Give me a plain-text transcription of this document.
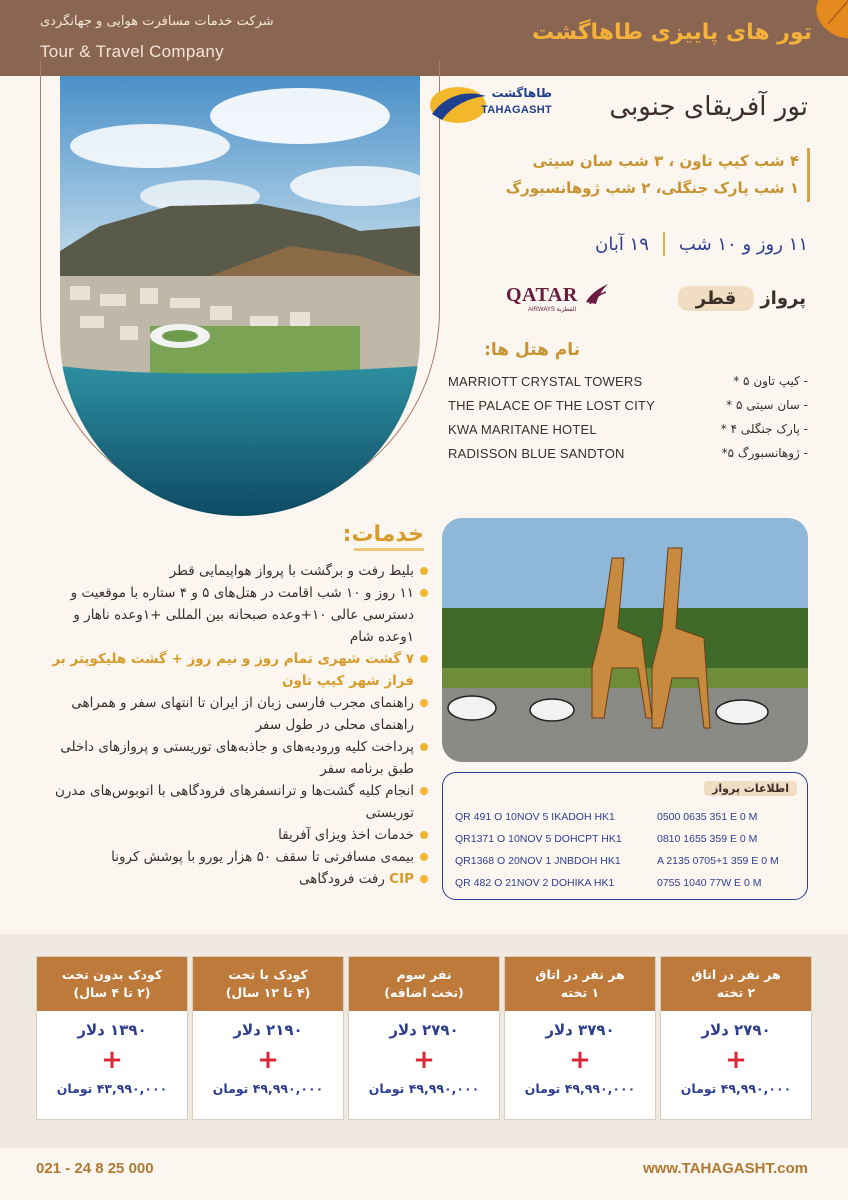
شرکت خدمات مسافرت هوایی و جهانگردی
Tour & Travel Company
تور های پاییزی طاهاگشت
طاهاگشت
TAHAGASHT تور آفریقای جنوبی
۴ شب کیپ تاون ، ۳ شب سان سیتی
۱ شب پارک جنگلی، ۲ شب ژوهانسبورگ
۱۱ روز و ۱۰ شب
۱۹ آبان
پرواز
قطر
QATAR
AIRWAYS القطرية
نام هتل ها:
MARRIOTT CRYSTAL TOWERS	- کیپ تاون ۵ *
THE PALACE OF THE LOST CITY	- سان سیتی ۵ *
KWA MARITANE HOTEL	- پارک جنگلی ۴ *
RADISSON BLUE SANDTON	- ژوهانسبورگ ۵*
خدمات:
بلیط رفت و برگشت با پرواز هواپیمایی قطر
۱۱ روز و ۱۰ شب اقامت در هتل‌های ۵ و ۴ ستاره با موقعیت و دسترسی عالی ۱۰+وعده صبحانه بین المللی +۱وعده ناهار و ۱وعده شام
۷ گشت شهری تمام روز و نیم روز + گشت هلیکوپتر بر فراز شهر کیپ تاون
راهنمای مجرب فارسی زبان از ایران تا انتهای سفر و همراهی راهنمای محلی در طول سفر
پرداخت کلیه ورودیه‌های و جاذبه‌های توریستی و پروازهای داخلی طبق برنامه سفر
انجام کلیه گشت‌ها و ترانسفرهای فرودگاهی با اتوبوس‌های مدرن توریستی
خدمات اخذ ویزای آفریقا
بیمه‌ی مسافرتی تا سقف ۵۰ هزار یورو با پوشش کرونا
CIP رفت فرودگاهی
اطلاعات پرواز
QR 491 O 10NOV 5 IKADOH HK1	0500 0635 351 E 0 M
QR1371 O 10NOV 5 DOHCPT HK1	0810 1655 359 E 0 M
QR1368 O 20NOV 1 JNBDOH HK1	A 2135 0705+1 359 E 0 M
QR 482 O 21NOV 2 DOHIKA HK1	0755 1040 77W E 0 M
هر نفر در اتاق
۲ تخته
۲۷۹۰ دلار
+
۴۹,۹۹۰,۰۰۰ تومان
هر نفر در اتاق
۱ تخته
۳۷۹۰ دلار
+
۴۹,۹۹۰,۰۰۰ تومان
نفر سوم
(تخت اضافه)
۲۷۹۰ دلار
+
۴۹,۹۹۰,۰۰۰ تومان
کودک با تخت
(۴ تا ۱۲ سال)
۲۱۹۰ دلار
+
۴۹,۹۹۰,۰۰۰ تومان
کودک بدون تخت
(۲ تا ۴ سال)
۱۳۹۰ دلار
+
۴۳,۹۹۰,۰۰۰ تومان
021 - 24 8 25 000	www.TAHAGASHT.com
